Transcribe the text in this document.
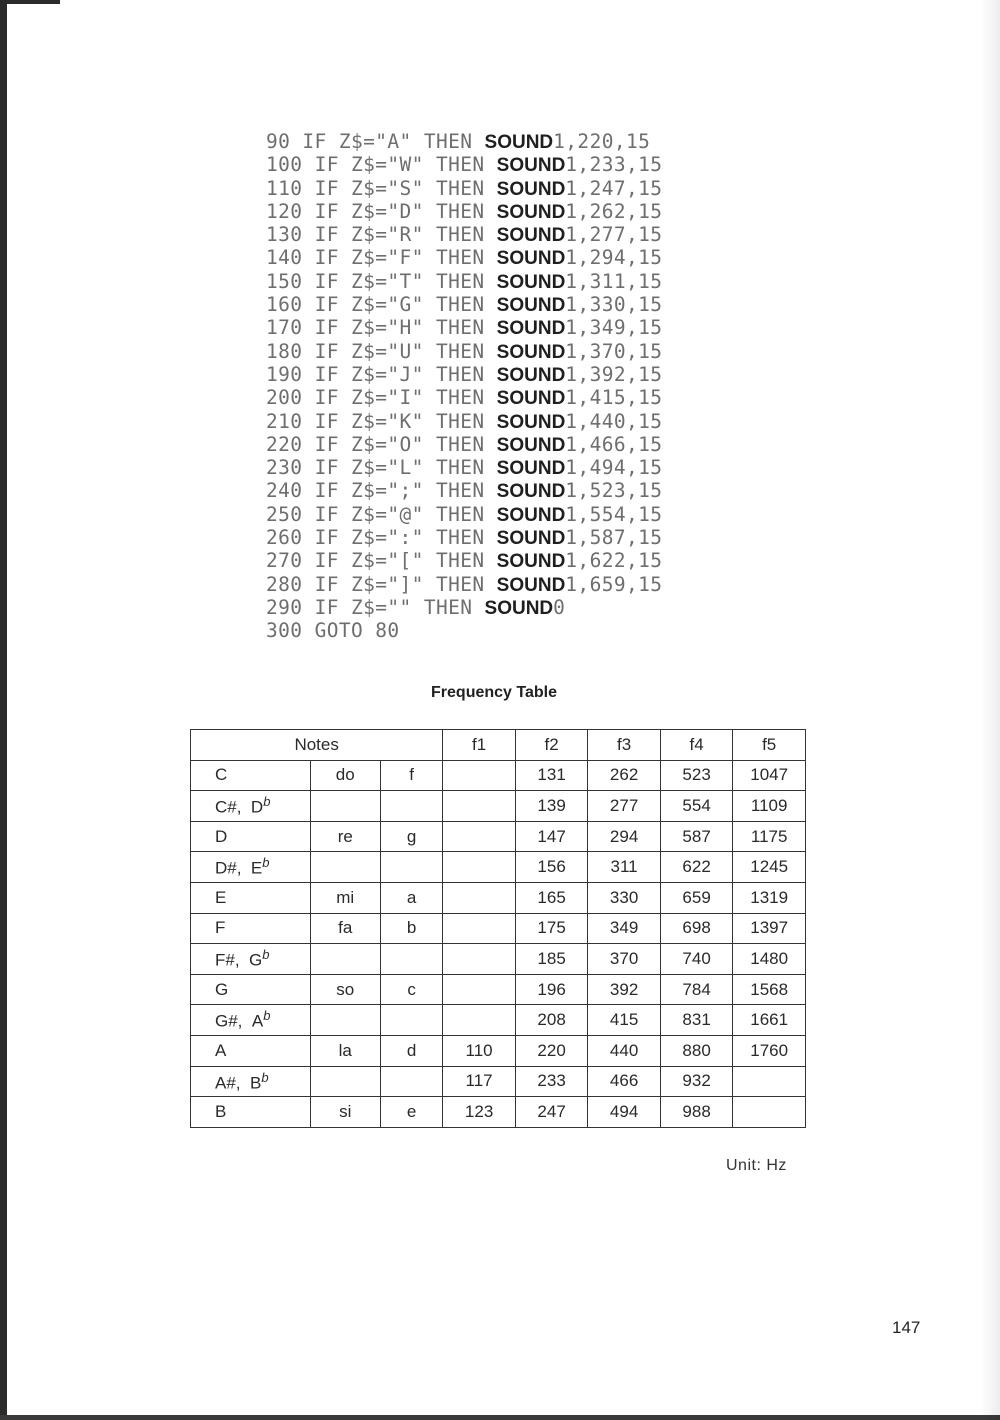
90 IF Z$="A" THEN SOUND1,220,15
100 IF Z$="W" THEN SOUND1,233,15
110 IF Z$="S" THEN SOUND1,247,15
120 IF Z$="D" THEN SOUND1,262,15
130 IF Z$="R" THEN SOUND1,277,15
140 IF Z$="F" THEN SOUND1,294,15
150 IF Z$="T" THEN SOUND1,311,15
160 IF Z$="G" THEN SOUND1,330,15
170 IF Z$="H" THEN SOUND1,349,15
180 IF Z$="U" THEN SOUND1,370,15
190 IF Z$="J" THEN SOUND1,392,15
200 IF Z$="I" THEN SOUND1,415,15
210 IF Z$="K" THEN SOUND1,440,15
220 IF Z$="O" THEN SOUND1,466,15
230 IF Z$="L" THEN SOUND1,494,15
240 IF Z$=";" THEN SOUND1,523,15
250 IF Z$="@" THEN SOUND1,554,15
260 IF Z$=":" THEN SOUND1,587,15
270 IF Z$="[" THEN SOUND1,622,15
280 IF Z$="]" THEN SOUND1,659,15
290 IF Z$="" THEN SOUND0
300 GOTO 80
Frequency Table
Notes			f1	f2	f3	f4	f5
C	do	f		131	262	523	1047
C#, $D^b$				139	277	554	1109
D	re	g		147	294	587	1175
D#, $E^b$				156	311	622	1245
E	mi	a		165	330	659	1319
F	fa	b		175	349	698	1397
F#, $G^b$				185	370	740	1480
G	so	c		196	392	784	1568
G#, $A^b$				208	415	831	1661
A	la	d	110	220	440	880	1760
A#, $B^b$			117	233	466	932	
B	si	e	123	247	494	988	
Unit: Hz
147
